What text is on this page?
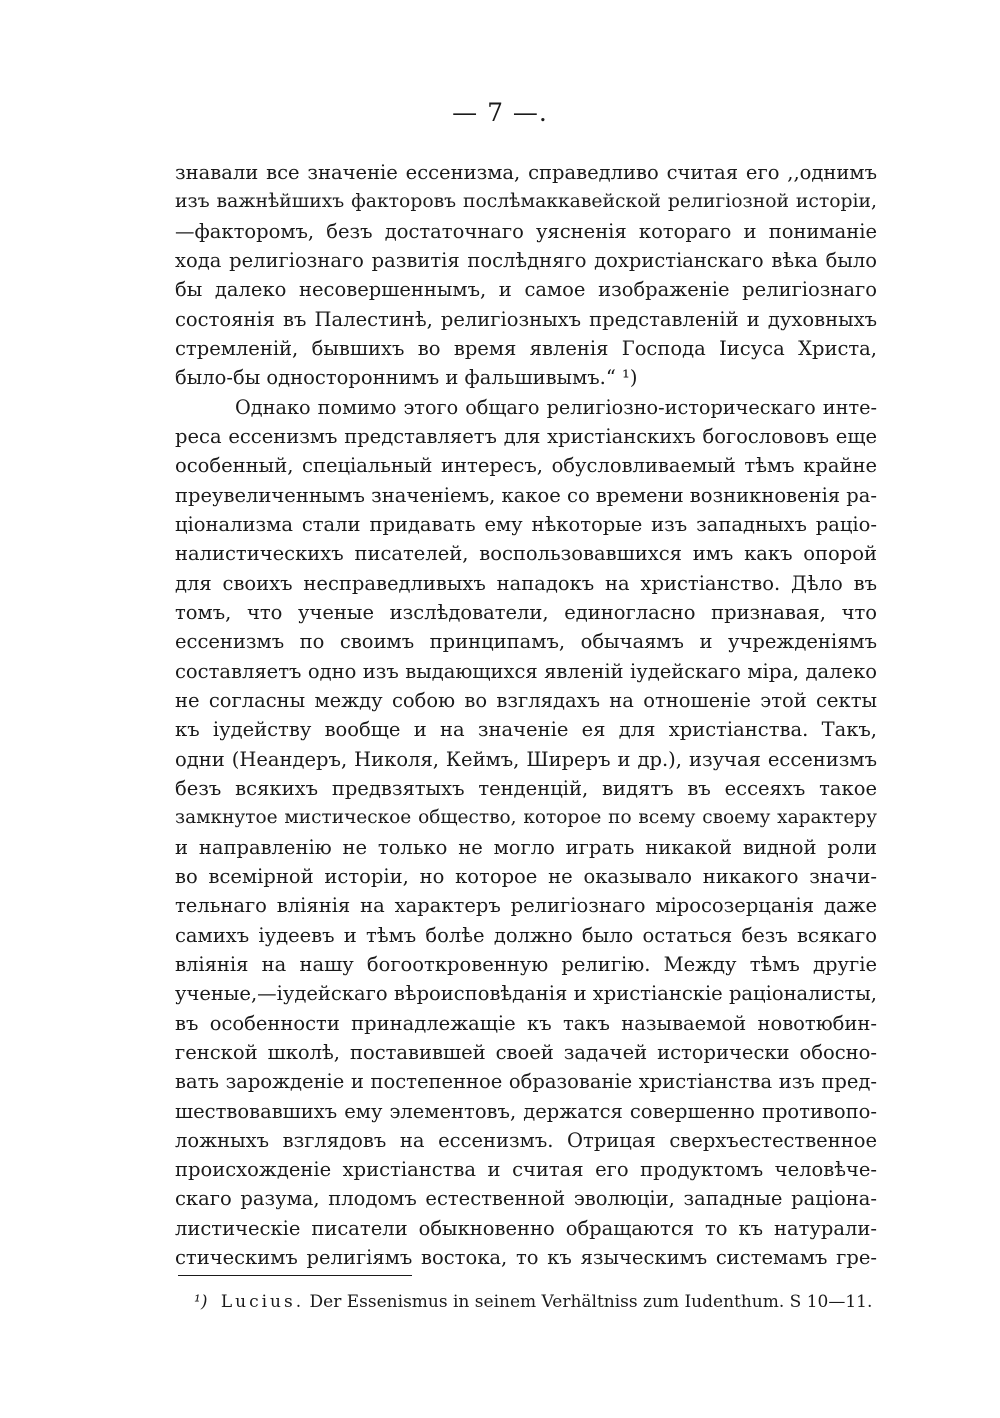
— 7 —.
знавали все значенiе ессенизма, справедливо считая его ,,однимъ
изъ важнѣйшихъ факторовъ послѣмаккавейской религiозной исторiи,
—факторомъ, безъ достаточнаго уясненiя котораго и пониманiе
хода религiознаго развитiя послѣдняго дохристiанскаго вѣка было
бы далеко несовершеннымъ, и самое изображенiе религiознаго
состоянiя въ Палестинѣ, религiозныхъ представленiй и духовныхъ
стремленiй, бывшихъ во время явленiя Господа Iисуса Христа,
было-бы одностороннимъ и фальшивымъ.“ ¹)
Однако помимо этого общаго религiозно-историческаго инте-
реса ессенизмъ представляетъ для христiанскихъ богослововъ еще
особенный, спецiальный интересъ, обусловливаемый тѣмъ крайне
преувеличеннымъ значенiемъ, какое со времени возникновенiя ра-
цiонализма стали придавать ему нѣкоторые изъ западныхъ рацiо-
налистическихъ писателей, воспользовавшихся имъ какъ опорой
для своихъ несправедливыхъ нападокъ на христiанство. Дѣло въ
томъ, что ученые изслѣдователи, единогласно признавая, что
ессенизмъ по своимъ принципамъ, обычаямъ и учрежденiямъ
составляетъ одно изъ выдающихся явленiй iудейскаго мiра, далеко
не согласны между собою во взглядахъ на отношенiе этой секты
къ iудейству вообще и на значенiе ея для христiанства. Такъ,
одни (Неандеръ, Николя, Кеймъ, Ширеръ и др.), изучая ессенизмъ
безъ всякихъ предвзятыхъ тенденцiй, видятъ въ ессеяхъ такое
замкнутое мистическое общество, которое по всему своему характеру
и направленiю не только не могло играть никакой видной роли
во всемiрной исторiи, но которое не оказывало никакого значи-
тельнаго влiянiя на характеръ религiознаго мiросозерцанiя даже
самихъ iудеевъ и тѣмъ болѣе должно было остаться безъ всякаго
влiянiя на нашу богооткровенную религiю. Между тѣмъ другiе
ученые,—iудейскаго вѣроисповѣданiя и христiанскiе рацiоналисты,
въ особенности принадлежащiе къ такъ называемой новотюбин-
генской школѣ, поставившей своей задачей исторически обосно-
вать зарожденiе и постепенное образованiе христiанства изъ пред-
шествовавшихъ ему элементовъ, держатся совершенно противопо-
ложныхъ взглядовъ на ессенизмъ. Отрицая сверхъестественное
происхожденiе христiанства и считая его продуктомъ человѣче-
скаго разума, плодомъ естественной эволюцiи, западные рацiона-
листическiе писатели обыкновенно обращаются то къ натурали-
стическимъ религiямъ востока, то къ языческимъ системамъ гре-
¹) Lucius. Der Essenismus in seinem Verhältniss zum Iudenthum. S 10—11.
